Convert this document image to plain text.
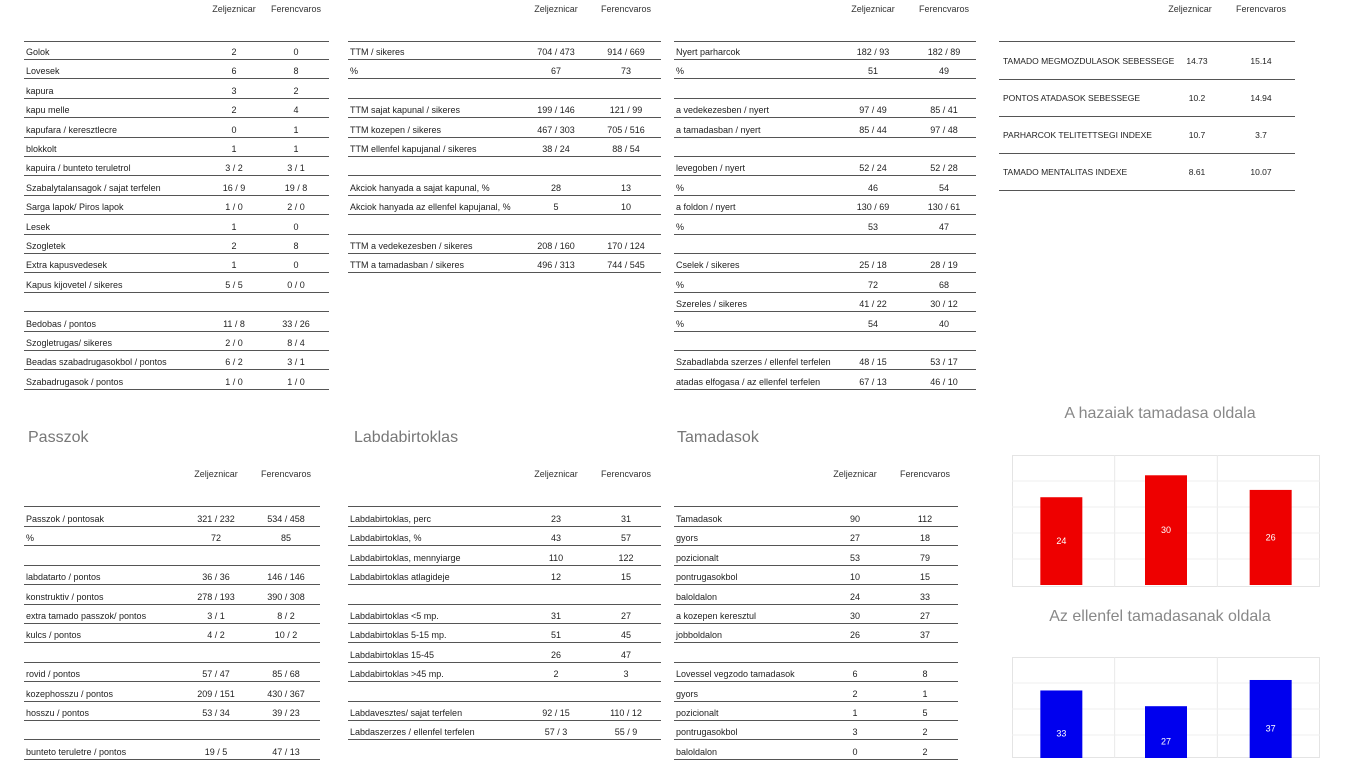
Zeljeznicar Ferencvaros
Golok	2	0
Lovesek	6	8
kapura	3	2
kapu melle	2	4
kapufara / keresztlecre	0	1
blokkolt	1	1
kapuira / bunteto teruletrol	3 / 2	3 / 1
Szabalytalansagok / sajat terfelen	16 / 9	19 / 8
Sarga lapok/ Piros lapok	1 / 0	2 / 0
Lesek	1	0
Szogletek	2	8
Extra kapusvedesek	1	0
Kapus kijovetel / sikeres	5 / 5	0 / 0
Bedobas / pontos	11 / 8	33 / 26
Szogletrugas/ sikeres	2 / 0	8 / 4
Beadas szabadrugasokbol / pontos	6 / 2	3 / 1
Szabadrugasok / pontos	1 / 0	1 / 0
Zeljeznicar	Ferencvaros
TTM / sikeres	704 / 473	914 / 669
%	67	73
TTM sajat kapunal / sikeres	199 / 146	121 / 99
TTM kozepen / sikeres	467 / 303	705 / 516
TTM ellenfel kapujanal / sikeres	38 / 24	88 / 54
Akciok hanyada a sajat kapunal, %	28	13
Akciok hanyada az ellenfel kapujanal, %	5	10
TTM a vedekezesben / sikeres	208 / 160	170 / 124
TTM a tamadasban / sikeres	496 / 313	744 / 545
Zeljeznicar	Ferencvaros
Nyert parharcok	182 / 93	182 / 89
%	51	49
a vedekezesben / nyert	97 / 49	85 / 41
a tamadasban / nyert	85 / 44	97 / 48
levegoben / nyert	52 / 24	52 / 28
%	46	54
a foldon / nyert	130 / 69	130 / 61
%	53	47
Cselek / sikeres	25 / 18	28 / 19
%	72	68
Szereles / sikeres	41 / 22	30 / 12
%	54	40
Szabadlabda szerzes / ellenfel terfelen	48 / 15	53 / 17
atadas elfogasa / az ellenfel terfelen	67 / 13	46 / 10
Zeljeznicar	Ferencvaros
TAMADO MEGMOZDULASOK SEBESSEGE 14.73	15.14
PONTOS ATADASOK SEBESSEGE	10.2	14.94
PARHARCOK TELITETTSEGI INDEXE	10.7	3.7
TAMADO MENTALITAS INDEXE	8.61	10.07
Passzok	Labdabirtoklas	Tamadasok
Zeljeznicar	Ferencvaros
Passzok / pontosak	321 / 232	534 / 458
%	72	85
labdatarto / pontos	36 / 36	146 / 146
konstruktiv / pontos	278 / 193	390 / 308
extra tamado passzok/ pontos	3 / 1	8 / 2
kulcs / pontos	4 / 2	10 / 2
rovid / pontos	57 / 47	85 / 68
kozephosszu / pontos	209 / 151	430 / 367
hosszu / pontos	53 / 34	39 / 23
bunteto teruletre / pontos	19 / 5	47 / 13
Zeljeznicar	Ferencvaros
Labdabirtoklas, perc	23	31
Labdabirtoklas, %	43	57
Labdabirtoklas, mennyiarge	110	122
Labdabirtoklas atlagideje	12	15
Labdabirtoklas <5 mp.	31	27
Labdabirtoklas 5-15 mp.	51	45
Labdabirtoklas 15-45	26	47
Labdabirtoklas >45 mp.	2	3
Labdavesztes/ sajat terfelen	92 / 15	110 / 12
Labdaszerzes / ellenfel terfelen	57 / 3	55 / 9
Zeljeznicar	Ferencvaros
Tamadasok	90	112
gyors	27	18
pozicionalt	53	79
pontrugasokbol	10	15
baloldalon	24	33
a kozepen keresztul	30	27
jobboldalon	26	37
Lovessel vegzodo tamadasok	6	8
gyors	2	1
pozicionalt	1	5
pontrugasokbol	3	2
baloldalon	0	2
A hazaiak tamadasa oldala
Az ellenfel tamadasanak oldala
24
30
26
33
27
37
